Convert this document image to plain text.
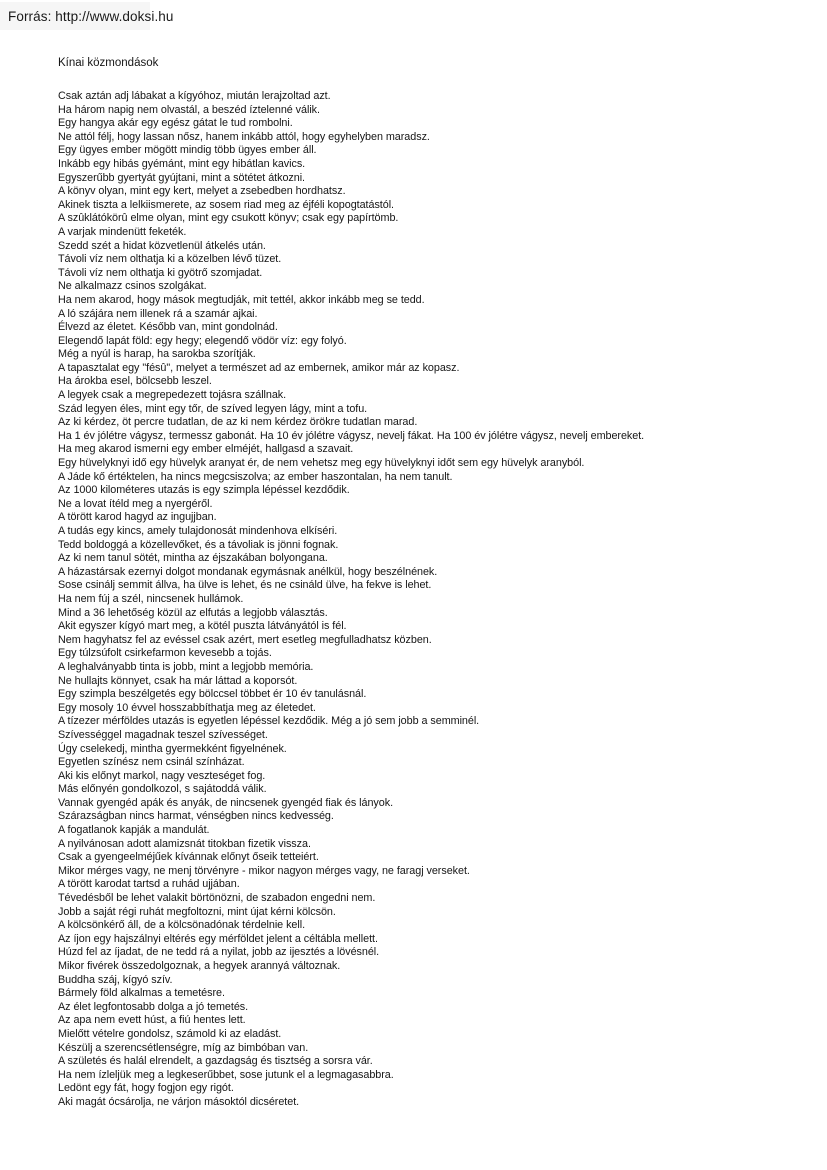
Forrás: http://www.doksi.hu
Kínai közmondások
Csak aztán adj lábakat a kígyóhoz, miután lerajzoltad azt.
Ha három napig nem olvastál, a beszéd íztelenné válik.
Egy hangya akár egy egész gátat le tud rombolni.
Ne attól félj, hogy lassan nősz, hanem inkább attól, hogy egyhelyben maradsz.
Egy ügyes ember mögött mindig több ügyes ember áll.
Inkább egy hibás gyémánt, mint egy hibátlan kavics.
Egyszerűbb gyertyát gyújtani, mint a sötétet átkozni.
A könyv olyan, mint egy kert, melyet a zsebedben hordhatsz.
Akinek tiszta a lelkiismerete, az sosem riad meg az éjféli kopogtatástól.
A szûklátókörû elme olyan, mint egy csukott könyv; csak egy papírtömb.
A varjak mindenütt feketék.
Szedd szét a hidat közvetlenül átkelés után.
Távoli víz nem olthatja ki a közelben lévő tüzet.
Távoli víz nem olthatja ki gyötrő szomjadat.
Ne alkalmazz csinos szolgákat.
Ha nem akarod, hogy mások megtudják, mit tettél, akkor inkább meg se tedd.
A ló szájára nem illenek rá a szamár ajkai.
Élvezd az életet. Később van, mint gondolnád.
Elegendő lapát föld: egy hegy; elegendő vödör víz: egy folyó.
Még a nyúl is harap, ha sarokba szorítják.
A tapasztalat egy "fésû", melyet a természet ad az embernek, amikor már az kopasz.
Ha árokba esel, bölcsebb leszel.
A legyek csak a megrepedezett tojásra szállnak.
Szád legyen éles, mint egy tőr, de szíved legyen lágy, mint a tofu.
Az ki kérdez, öt percre tudatlan, de az ki nem kérdez örökre tudatlan marad.
Ha 1 év jólétre vágysz, termessz gabonát. Ha 10 év jólétre vágysz, nevelj fákat. Ha 100 év jólétre vágysz, nevelj embereket.
Ha meg akarod ismerni egy ember elméjét, hallgasd a szavait.
Egy hüvelyknyi idő egy hüvelyk aranyat ér, de nem vehetsz meg egy hüvelyknyi időt sem egy hüvelyk aranyból.
A Jáde kő értéktelen, ha nincs megcsiszolva; az ember haszontalan, ha nem tanult.
Az 1000 kilométeres utazás is egy szimpla lépéssel kezdődik.
Ne a lovat ítéld meg a nyergéről.
A törött karod hagyd az ingujjban.
A tudás egy kincs, amely tulajdonosát mindenhova elkíséri.
Tedd boldoggá a közellevőket, és a távoliak is jönni fognak.
Az ki nem tanul sötét, mintha az éjszakában bolyongana.
A házastársak ezernyi dolgot mondanak egymásnak anélkül, hogy beszélnének.
Sose csinálj semmit állva, ha ülve is lehet, és ne csináld ülve, ha fekve is lehet.
Ha nem fúj a szél, nincsenek hullámok.
Mind a 36 lehetőség közül az elfutás a legjobb választás.
Akit egyszer kígyó mart meg, a kötél puszta látványától is fél.
Nem hagyhatsz fel az evéssel csak azért, mert esetleg megfulladhatsz közben.
Egy túlzsúfolt csirkefarmon kevesebb a tojás.
A leghalványabb tinta is jobb, mint a legjobb memória.
Ne hullajts könnyet, csak ha már láttad a koporsót.
Egy szimpla beszélgetés egy bölccsel többet ér 10 év tanulásnál.
Egy mosoly 10 évvel hosszabbíthatja meg az életedet.
A tízezer mérföldes utazás is egyetlen lépéssel kezdődik. Még a jó sem jobb a semminél.
Szívességgel magadnak teszel szívességet.
Úgy cselekedj, mintha gyermekként figyelnének.
Egyetlen színész nem csinál színházat.
Aki kis előnyt markol, nagy veszteséget fog.
Más előnyén gondolkozol, s sajátoddá válik.
Vannak gyengéd apák és anyák, de nincsenek gyengéd fiak és lányok.
Szárazságban nincs harmat, vénségben nincs kedvesség.
A fogatlanok kapják a mandulát.
A nyilvánosan adott alamizsnát titokban fizetik vissza.
Csak a gyengeelméjűek kívánnak előnyt őseik tetteiért.
Mikor mérges vagy, ne menj törvényre - mikor nagyon mérges vagy, ne faragj verseket.
A törött karodat tartsd a ruhád ujjában.
Tévedésből be lehet valakit börtönözni, de szabadon engedni nem.
Jobb a saját régi ruhát megfoltozni, mint újat kérni kölcsön.
A kölcsönkérő áll, de a kölcsönadónak térdelnie kell.
Az íjon egy hajszálnyi eltérés egy mérföldet jelent a céltábla mellett.
Húzd fel az íjadat, de ne tedd rá a nyilat, jobb az ijesztés a lövésnél.
Mikor fivérek összedolgoznak, a hegyek arannyá változnak.
Buddha száj, kígyó szív.
Bármely föld alkalmas a temetésre.
Az élet legfontosabb dolga a jó temetés.
Az apa nem evett húst, a fiú hentes lett.
Mielőtt vételre gondolsz, számold ki az eladást.
Készülj a szerencsétlenségre, míg az bimbóban van.
A születés és halál elrendelt, a gazdagság és tisztség a sorsra vár.
Ha nem ízleljük meg a legkeserűbbet, sose jutunk el a legmagasabbra.
Ledönt egy fát, hogy fogjon egy rigót.
Aki magát ócsárolja, ne várjon másoktól dicséretet.
